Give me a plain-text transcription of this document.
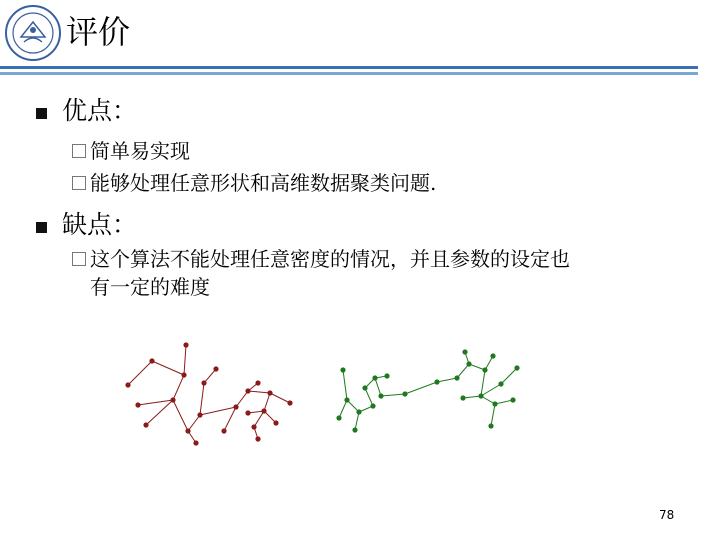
评价
优点：
简单易实现
能够处理任意形状和高维数据聚类问题.
缺点：
这个算法不能处理任意密度的情况，并且参数的设定也
有一定的难度
78
